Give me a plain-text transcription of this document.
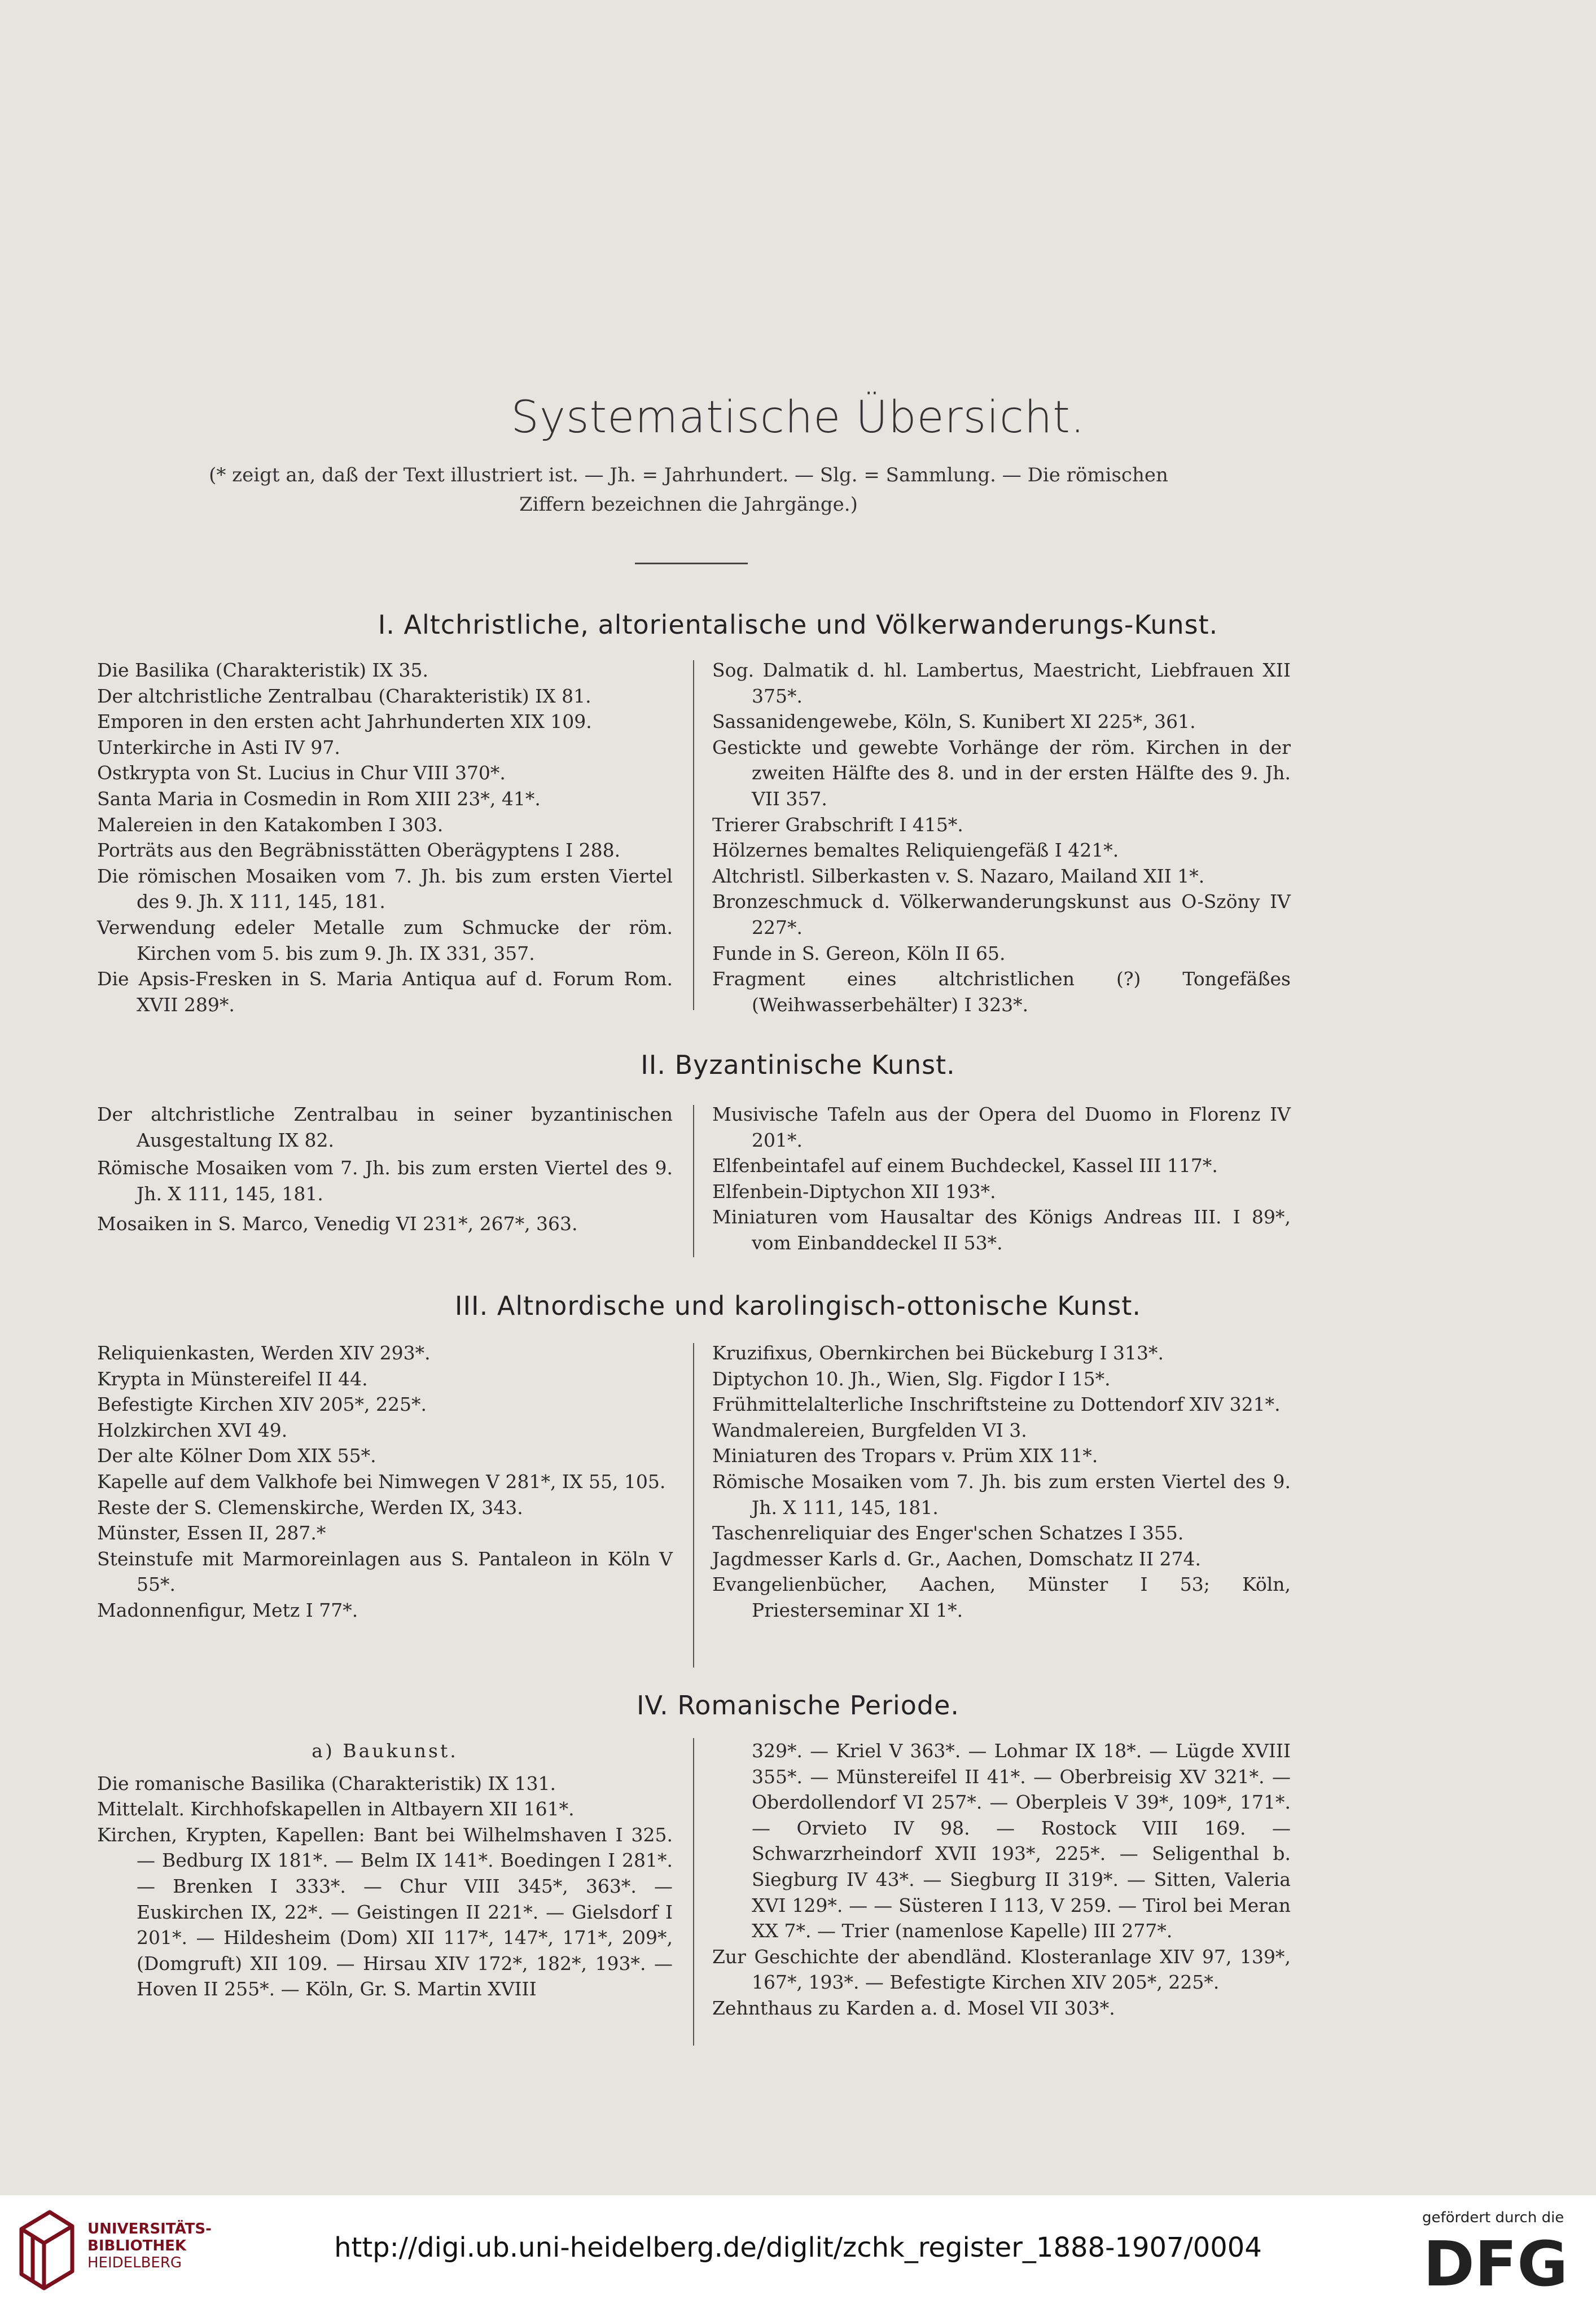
Systematische Übersicht.
(* zeigt an, daß der Text illustriert ist. — Jh. = Jahrhundert. — Slg. = Sammlung. — Die römischen
Ziffern bezeichnen die Jahrgänge.)
I. Altchristliche, altorientalische und Völkerwanderungs-Kunst.

Die Basilika (Charakteristik) IX 35.

Der altchristliche Zentralbau (Charakteristik) IX 81.

Emporen in den ersten acht Jahrhunderten XIX 109.

Unterkirche in Asti IV 97.

Ostkrypta von St. Lucius in Chur VIII 370*.

Santa Maria in Cosmedin in Rom XIII 23*, 41*.

Malereien in den Katakomben I 303.

Porträts aus den Begräbnisstätten Oberägyptens I 288.

Die römischen Mosaiken vom 7. Jh. bis zum ersten Viertel des 9. Jh. X 111, 145, 181.

Verwendung edeler Metalle zum Schmucke der röm. Kirchen vom 5. bis zum 9. Jh. IX 331, 357.

Die Apsis-Fresken in S. Maria Antiqua auf d. Forum Rom. XVII 289*.

Sog. Dalmatik d. hl. Lambertus, Maestricht, Liebfrauen XII 375*.

Sassanidengewebe, Köln, S. Kunibert XI 225*, 361.

Gestickte und gewebte Vorhänge der röm. Kirchen in der zweiten Hälfte des 8. und in der ersten Hälfte des 9. Jh. VII 357.

Trierer Grabschrift I 415*.

Hölzernes bemaltes Reliquiengefäß I 421*.

Altchristl. Silberkasten v. S. Nazaro, Mailand XII 1*.

Bronzeschmuck d. Völkerwanderungskunst aus O-Szöny IV 227*.

Funde in S. Gereon, Köln II 65.

Fragment eines altchristlichen (?) Tongefäßes (Weihwasserbehälter) I 323*.

II. Byzantinische Kunst.

Der altchristliche Zentralbau in seiner byzantinischen Ausgestaltung IX 82.

Römische Mosaiken vom 7. Jh. bis zum ersten Viertel des 9. Jh. X 111, 145, 181.

Mosaiken in S. Marco, Venedig VI 231*, 267*, 363.

Musivische Tafeln aus der Opera del Duomo in Florenz IV 201*.

Elfenbeintafel auf einem Buchdeckel, Kassel III 117*.

Elfenbein-Diptychon XII 193*.

Miniaturen vom Hausaltar des Königs Andreas III. I 89*, vom Einbanddeckel II 53*.

III. Altnordische und karolingisch-ottonische Kunst.

Reliquienkasten, Werden XIV 293*.

Krypta in Münstereifel II 44.

Befestigte Kirchen XIV 205*, 225*.

Holzkirchen XVI 49.

Der alte Kölner Dom XIX 55*.

Kapelle auf dem Valkhofe bei Nimwegen V 281*, IX 55, 105.

Reste der S. Clemenskirche, Werden IX, 343.

Münster, Essen II, 287.*

Steinstufe mit Marmoreinlagen aus S. Pantaleon in Köln V 55*.

Madonnenfigur, Metz I 77*.

Kruzifixus, Obernkirchen bei Bückeburg I 313*.

Diptychon 10. Jh., Wien, Slg. Figdor I 15*.

Frühmittelalterliche Inschriftsteine zu Dottendorf XIV 321*.

Wandmalereien, Burgfelden VI 3.

Miniaturen des Tropars v. Prüm XIX 11*.

Römische Mosaiken vom 7. Jh. bis zum ersten Viertel des 9. Jh. X 111, 145, 181.

Taschenreliquiar des Enger'schen Schatzes I 355.

Jagdmesser Karls d. Gr., Aachen, Domschatz II 274.

Evangelienbücher, Aachen, Münster I 53; Köln, Priesterseminar XI 1*.

IV. Romanische Periode.

a) Baukunst.

Die romanische Basilika (Charakteristik) IX 131.

Mittelalt. Kirchhofskapellen in Altbayern XII 161*.

Kirchen, Krypten, Kapellen: Bant bei Wilhelmshaven I 325. — Bedburg IX 181*. — Belm IX 141*. Boedingen I 281*. — Brenken I 333*. — Chur VIII 345*, 363*. — Euskirchen IX, 22*. — Geistingen II 221*. — Gielsdorf I 201*. — Hildesheim (Dom) XII 117*, 147*, 171*, 209*, (Domgruft) XII 109. — Hirsau XIV 172*, 182*, 193*. — Hoven II 255*. — Köln, Gr. S. Martin XVIII

329*. — Kriel V 363*. — Lohmar IX 18*. — Lügde XVIII 355*. — Münstereifel II 41*. — Oberbreisig XV 321*. — Oberdollendorf VI 257*. — Oberpleis V 39*, 109*, 171*. — Orvieto IV 98. — Rostock VIII 169. — Schwarzrheindorf XVII 193*, 225*. — Seligenthal b. Siegburg IV 43*. — Siegburg II 319*. — Sitten, Valeria XVI 129*. — — Süsteren I 113, V 259. — Tirol bei Meran XX 7*. — Trier (namenlose Kapelle) III 277*.

Zur Geschichte der abendländ. Klosteranlage XIV 97, 139*, 167*, 193*. — Befestigte Kirchen XIV 205*, 225*.

Zehnthaus zu Karden a. d. Mosel VII 303*.

UNIVERSITÄTS-
BIBLIOTHEK
HEIDELBERG	http://digi.ub.uni-heidelberg.de/diglit/zchk_register_1888-1907/0004
gefördert durch die
DFG
